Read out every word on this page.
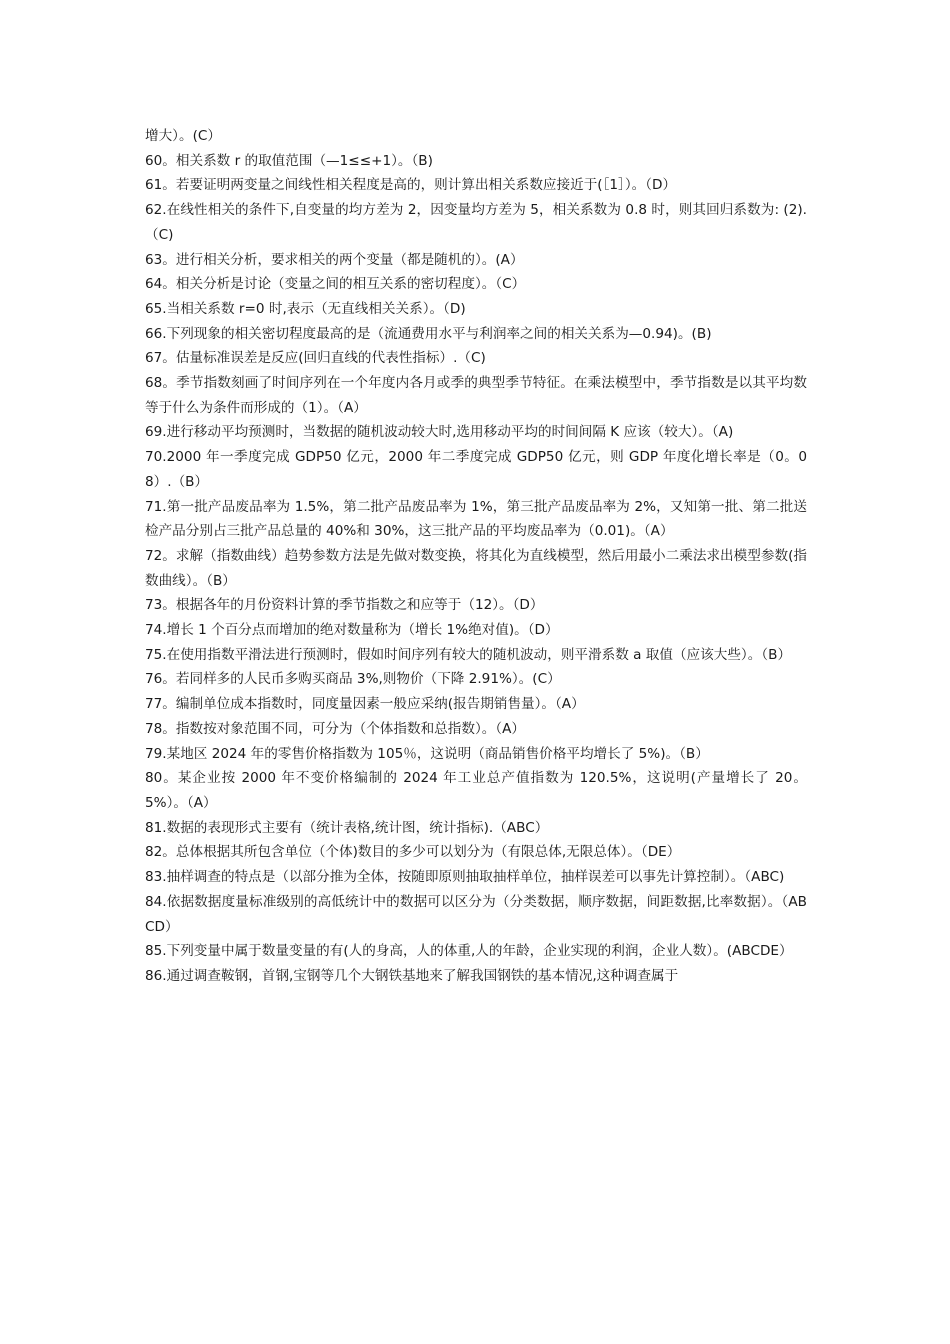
增大）。(C）

60。相关系数 r 的取值范围（—1≤≤+1）。（B)

61。若要证明两变量之间线性相关程度是高的，则计算出相关系数应接近于(［1］）。（D）

62.在线性相关的条件下,自变量的均方差为 2，因变量均方差为 5，相关系数为 0.8 时，则其回归系数为: (2).（C)

63。进行相关分析，要求相关的两个变量（都是随机的）。(A）

64。相关分析是讨论（变量之间的相互关系的密切程度）。（C）

65.当相关系数 r=0 时,表示（无直线相关关系）。（D)

66.下列现象的相关密切程度最高的是（流通费用水平与利润率之间的相关关系为—0.94)。(B)

67。估量标准误差是反应(回归直线的代表性指标）.（C)

68。季节指数刻画了时间序列在一个年度内各月或季的典型季节特征。在乘法模型中，季节指数是以其平均数等于什么为条件而形成的（1）。（A）

69.进行移动平均预测时，当数据的随机波动较大时,选用移动平均的时间间隔 K 应该（较大）。（A)

70.2000 年一季度完成 GDP50 亿元，2000 年二季度完成 GDP50 亿元，则 GDP 年度化增长率是（0。08）.（B）

71.第一批产品废品率为 1.5%，第二批产品废品率为 1%，第三批产品废品率为 2%，又知第一批、第二批送检产品分别占三批产品总量的 40%和 30%，这三批产品的平均废品率为（0.01)。（A）

72。求解（指数曲线）趋势参数方法是先做对数变换，将其化为直线模型，然后用最小二乘法求出模型参数(指数曲线）。（B）

73。根据各年的月份资料计算的季节指数之和应等于（12）。（D）

74.增长 1 个百分点而增加的绝对数量称为（增长 1%绝对值)。（D）

75.在使用指数平滑法进行预测时，假如时间序列有较大的随机波动，则平滑系数 a 取值（应该大些）。（B）

76。若同样多的人民币多购买商品 3%,则物价（下降 2.91%）。(C）

77。编制单位成本指数时，同度量因素一般应采纳(报告期销售量）。（A）

78。指数按对象范围不同，可分为（个体指数和总指数）。（A）

79.某地区 2024 年的零售价格指数为 105％，这说明（商品销售价格平均增长了 5%)。（B）

80。某企业按 2000 年不变价格编制的 2024 年工业总产值指数为 120.5%，这说明(产量增长了 20。5%）。（A）

81.数据的表现形式主要有（统计表格,统计图，统计指标).（ABC）

82。总体根据其所包含单位（个体)数目的多少可以划分为（有限总体,无限总体）。（DE）

83.抽样调查的特点是（以部分推为全体，按随即原则抽取抽样单位，抽样误差可以事先计算控制）。（ABC)

84.依据数据度量标准级别的高低统计中的数据可以区分为（分类数据，顺序数据，间距数据,比率数据）。（ABCD）

85.下列变量中属于数量变量的有(人的身高，人的体重,人的年龄，企业实现的利润，企业人数）。(ABCDE）

86.通过调查鞍钢，首钢,宝钢等几个大钢铁基地来了解我国钢铁的基本情况,这种调查属于
